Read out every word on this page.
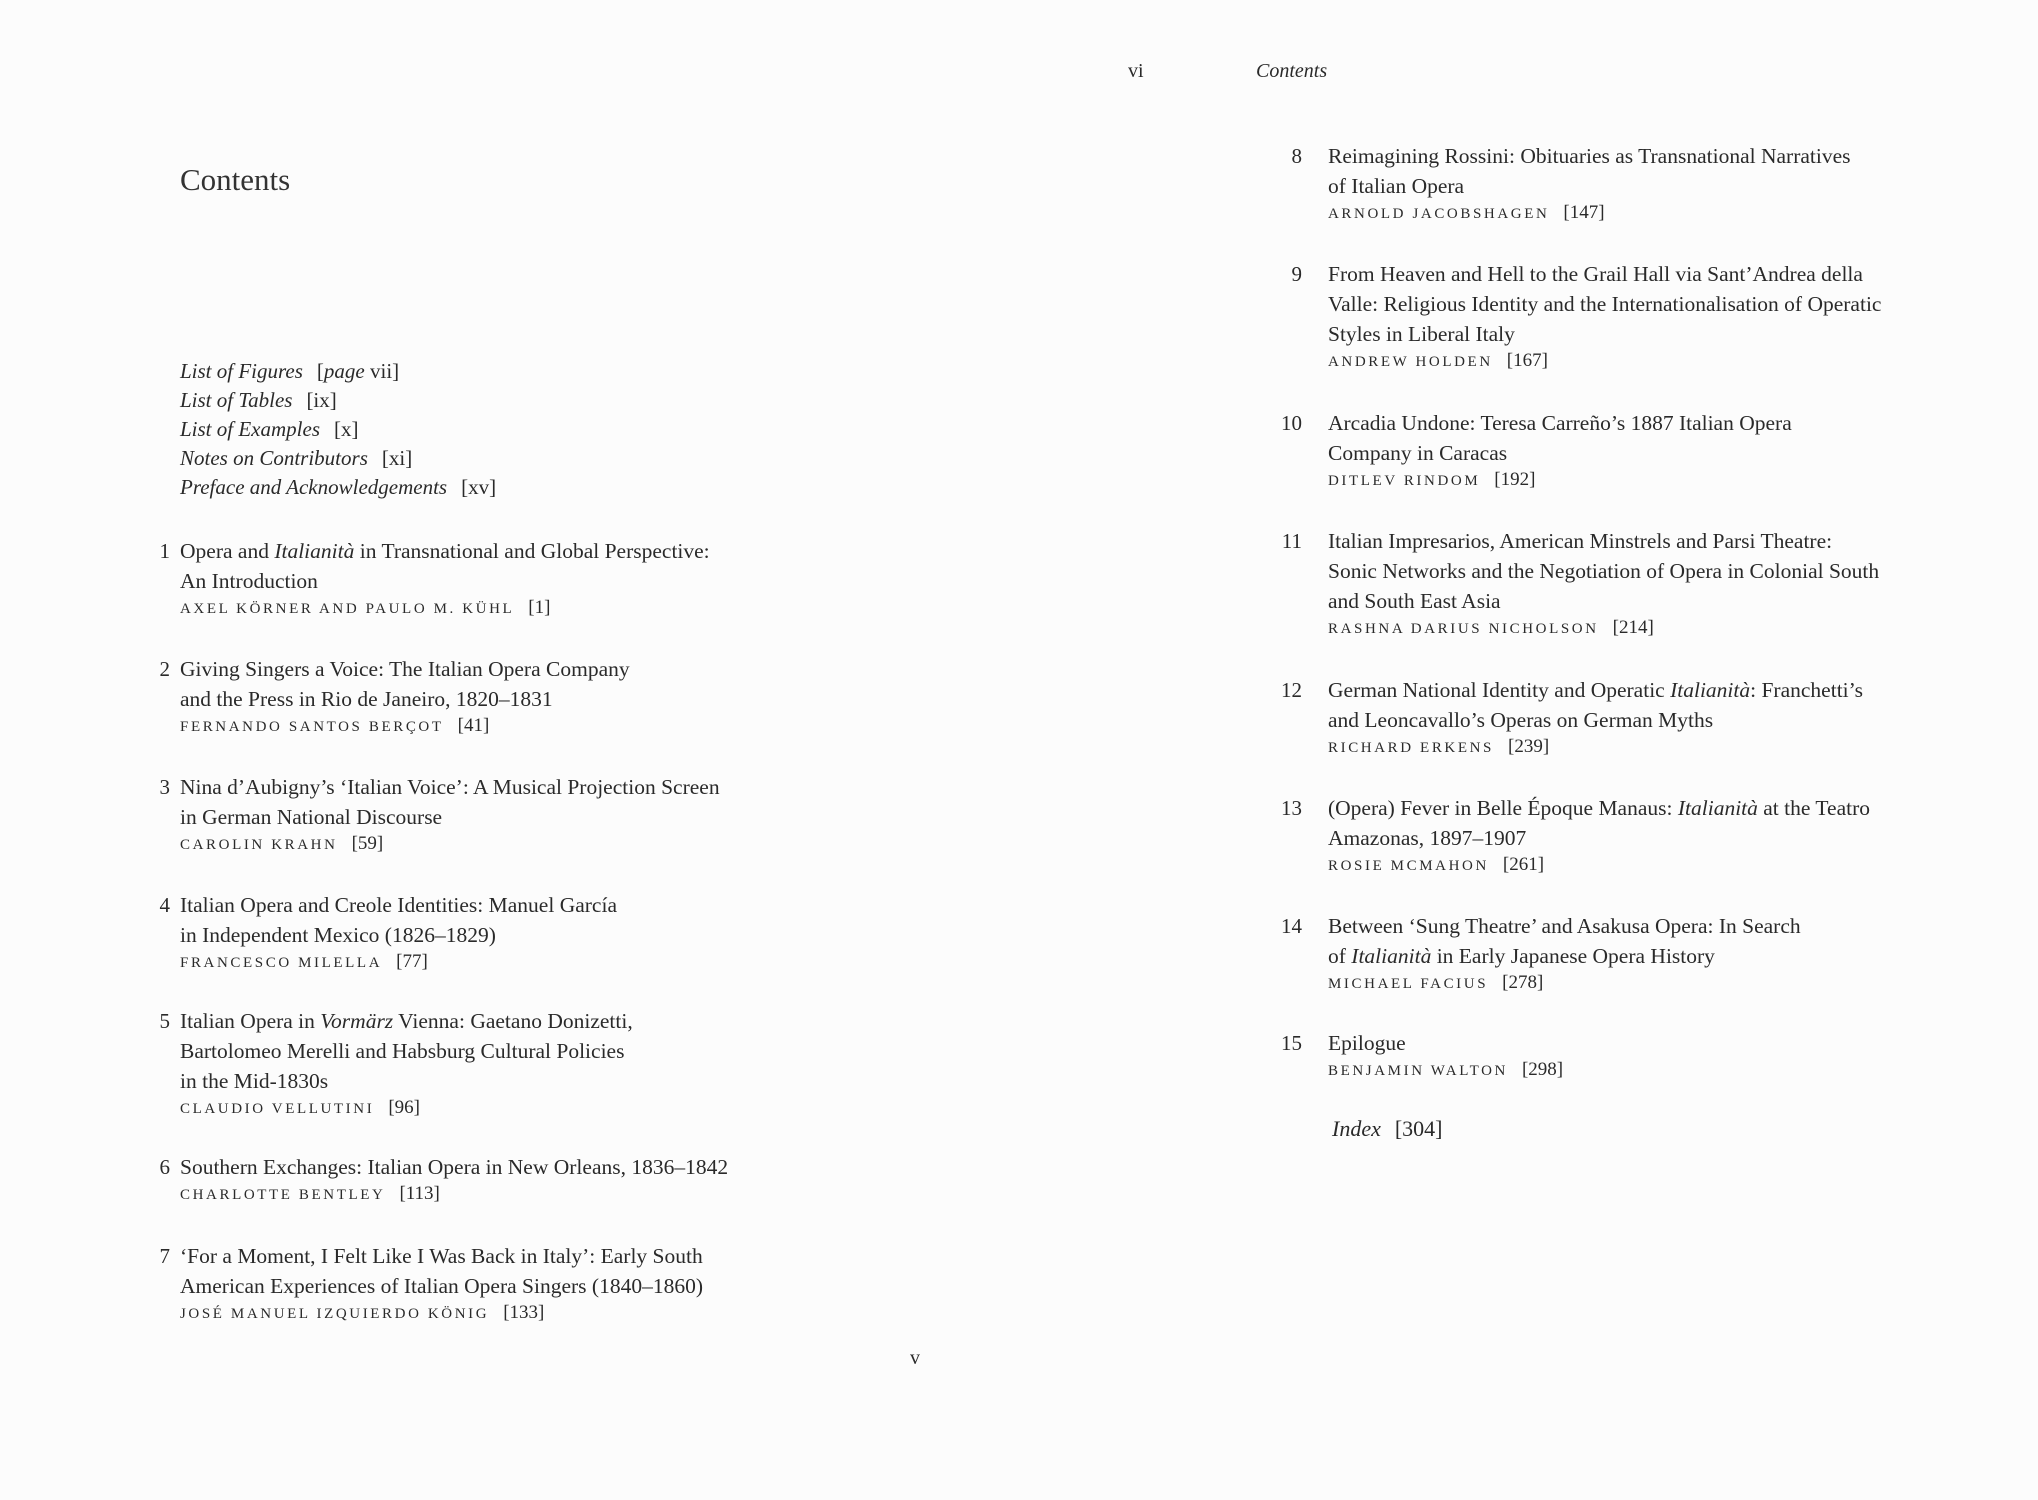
Contents
List of Figures [page vii]
List of Tables [ix]
List of Examples [x]
Notes on Contributors [xi]
Preface and Acknowledgements [xv]
1 Opera and Italianità in Transnational and Global Perspective:
An Introduction
AXEL KÖRNER AND PAULO M. KÜHL [1]
2 Giving Singers a Voice: The Italian Opera Company
and the Press in Rio de Janeiro, 1820–1831
FERNANDO SANTOS BERÇOT [41]
3 Nina d’Aubigny’s ‘Italian Voice’: A Musical Projection Screen
in German National Discourse
CAROLIN KRAHN [59]
4 Italian Opera and Creole Identities: Manuel García
in Independent Mexico (1826–1829)
FRANCESCO MILELLA [77]
5 Italian Opera in Vormärz Vienna: Gaetano Donizetti,
Bartolomeo Merelli and Habsburg Cultural Policies
in the Mid-1830s
CLAUDIO VELLUTINI [96]
6 Southern Exchanges: Italian Opera in New Orleans, 1836–1842
CHARLOTTE BENTLEY [113]
7 ‘For a Moment, I Felt Like I Was Back in Italy’: Early South
American Experiences of Italian Opera Singers (1840–1860)
JOSÉ MANUEL IZQUIERDO KÖNIG [133]
v
vi	Contents
8 Reimagining Rossini: Obituaries as Transnational Narratives
of Italian Opera
ARNOLD JACOBSHAGEN [147]
9 From Heaven and Hell to the Grail Hall via Sant’Andrea della
Valle: Religious Identity and the Internationalisation of Operatic
Styles in Liberal Italy
ANDREW HOLDEN [167]
10 Arcadia Undone: Teresa Carreño’s 1887 Italian Opera
Company in Caracas
DITLEV RINDOM [192]
11 Italian Impresarios, American Minstrels and Parsi Theatre:
Sonic Networks and the Negotiation of Opera in Colonial South
and South East Asia
RASHNA DARIUS NICHOLSON [214]
12 German National Identity and Operatic Italianità: Franchetti’s
and Leoncavallo’s Operas on German Myths
RICHARD ERKENS [239]
13 (Opera) Fever in Belle Époque Manaus: Italianità at the Teatro
Amazonas, 1897–1907
ROSIE MCMAHON [261]
14 Between ‘Sung Theatre’ and Asakusa Opera: In Search
of Italianità in Early Japanese Opera History
MICHAEL FACIUS [278]
15 Epilogue
BENJAMIN WALTON [298]
Index [304]
